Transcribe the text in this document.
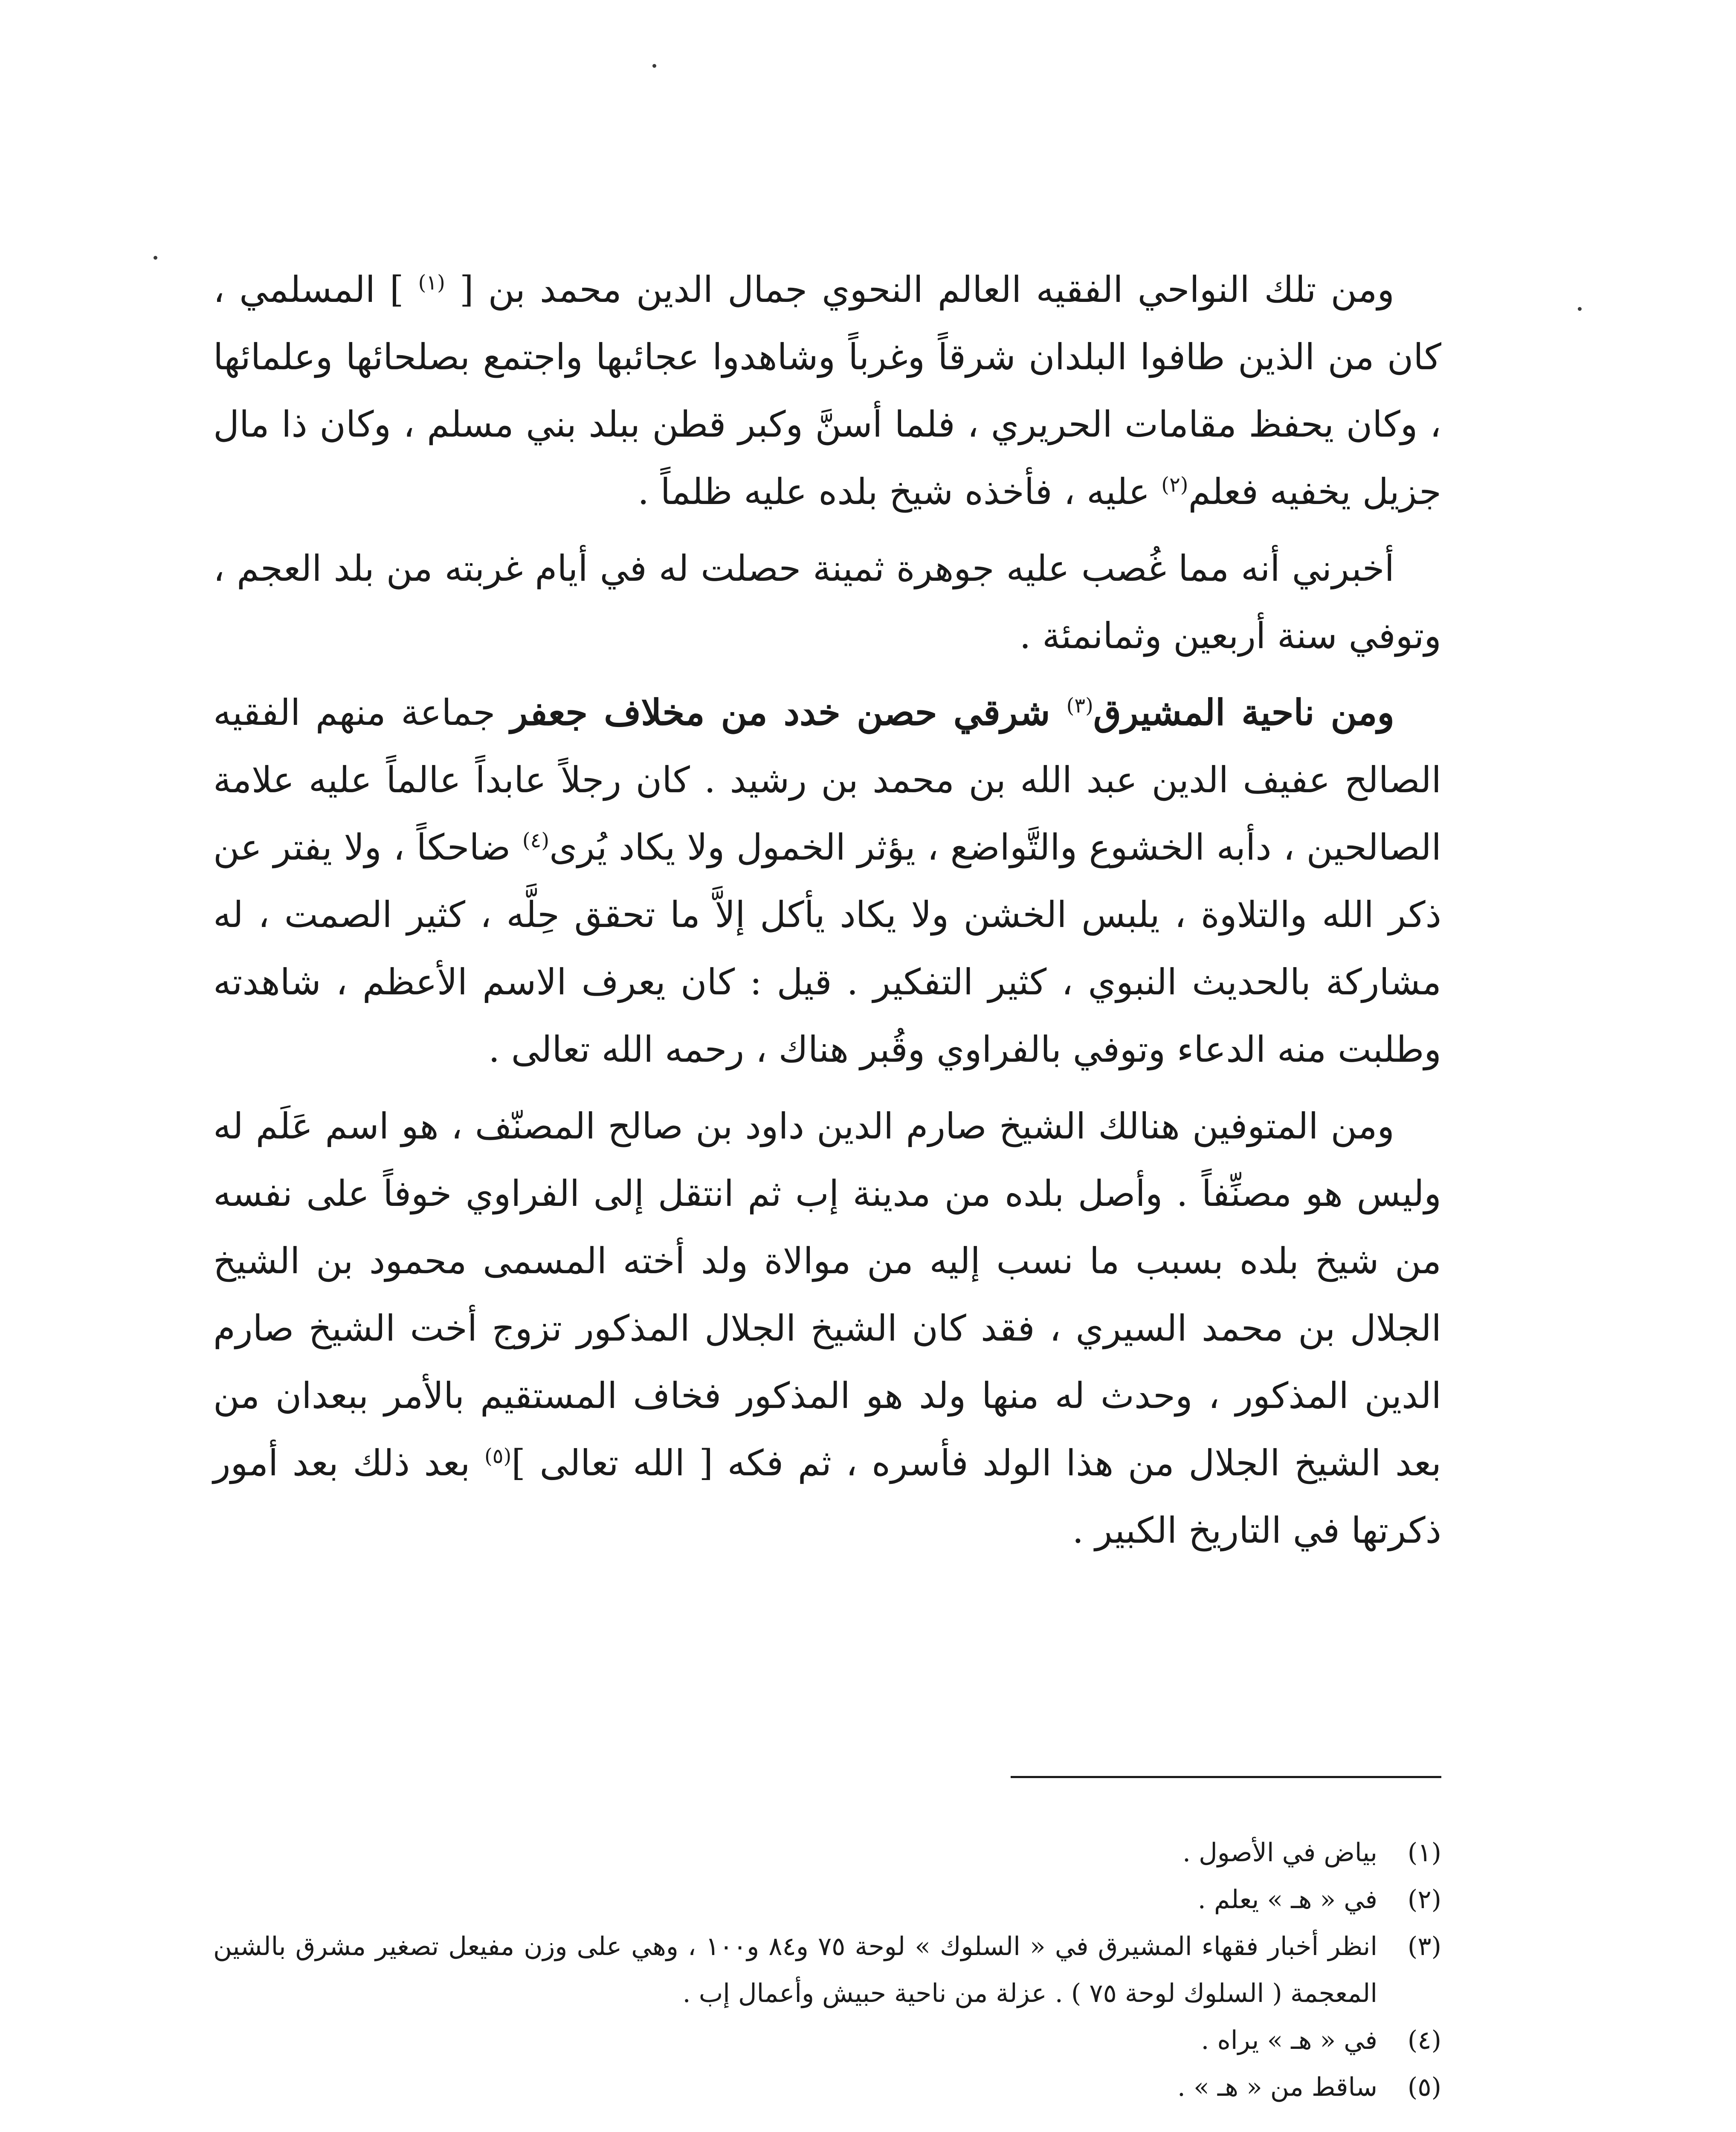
ومن تلك النواحي الفقيه العالم النحوي جمال الدين محمد بن [ $^{(١)}$ ] المسلمي ، كان من الذين طافوا البلدان شرقاً وغرباً وشاهدوا عجائبها واجتمع بصلحائها وعلمائها ، وكان يحفظ مقامات الحريري ، فلما أسنَّ وكبر قطن ببلد بني مسلم ، وكان ذا مال جزيل يخفيه فعلم$^{(٢)}$ عليه ، فأخذه شيخ بلده عليه ظلماً .

أخبرني أنه مما غُصب عليه جوهرة ثمينة حصلت له في أيام غربته من بلد العجم ، وتوفي سنة أربعين وثمانمئة .

ومن ناحية المشيرق$^{(٣)}$ شرقي حصن خدد من مخلاف جعفر جماعة منهم الفقيه الصالح عفيف الدين عبد الله بن محمد بن رشيد . كان رجلاً عابداً عالماً عليه علامة الصالحين ، دأبه الخشوع والتَّواضع ، يؤثر الخمول ولا يكاد يُرى$^{(٤)}$ ضاحكاً ، ولا يفتر عن ذكر الله والتلاوة ، يلبس الخشن ولا يكاد يأكل إلاَّ ما تحقق حِلَّه ، كثير الصمت ، له مشاركة بالحديث النبوي ، كثير التفكير . قيل : كان يعرف الاسم الأعظم ، شاهدته وطلبت منه الدعاء وتوفي بالفراوي وقُبر هناك ، رحمه الله تعالى .

ومن المتوفين هنالك الشيخ صارم الدين داود بن صالح المصنّف ، هو اسم عَلَم له وليس هو مصنِّفاً . وأصل بلده من مدينة إب ثم انتقل إلى الفراوي خوفاً على نفسه من شيخ بلده بسبب ما نسب إليه من موالاة ولد أخته المسمى محمود بن الشيخ الجلال بن محمد السيري ، فقد كان الشيخ الجلال المذكور تزوج أخت الشيخ صارم الدين المذكور ، وحدث له منها ولد هو المذكور فخاف المستقيم بالأمر ببعدان من بعد الشيخ الجلال من هذا الولد فأسره ، ثم فكه [ الله تعالى ]$^{(٥)}$ بعد ذلك بعد أمور ذكرتها في التاريخ الكبير .

(١)
بياض في الأصول .
(٢)
في « هـ » يعلم .
(٣)
انظر أخبار فقهاء المشيرق في « السلوك » لوحة ٧٥ و٨٤ و١٠٠ ، وهي على وزن مفيعل تصغير مشرق بالشين المعجمة ( السلوك لوحة ٧٥ ) . عزلة من ناحية حبيش وأعمال إب .
(٤)
في « هـ » يراه .
(٥)
ساقط من « هـ » .
